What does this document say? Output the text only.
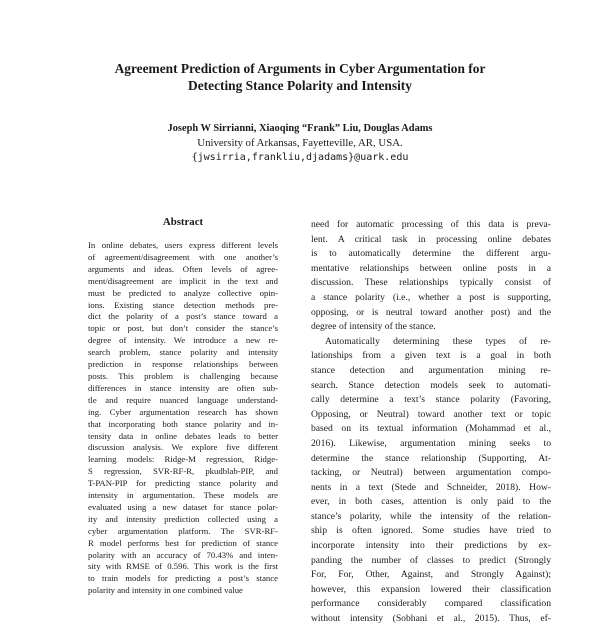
Agreement Prediction of Arguments in Cyber Argumentation for
Detecting Stance Polarity and Intensity
Joseph W Sirrianni, Xiaoqing “Frank” Liu, Douglas Adams
University of Arkansas, Fayetteville, AR, USA.
{jwsirria,frankliu,djadams}@uark.edu
Abstract
In online debates, users express different levels
of agreement/disagreement with one another’s
arguments and ideas. Often levels of agree-
ment/disagreement are implicit in the text and
must be predicted to analyze collective opin-
ions. Existing stance detection methods pre-
dict the polarity of a post’s stance toward a
topic or post, but don’t consider the stance’s
degree of intensity. We introduce a new re-
search problem, stance polarity and intensity
prediction in response relationships between
posts. This problem is challenging because
differences in stance intensity are often sub-
tle and require nuanced language understand-
ing. Cyber argumentation research has shown
that incorporating both stance polarity and in-
tensity data in online debates leads to better
discussion analysis. We explore five different
learning models: Ridge-M regression, Ridge-
S regression, SVR-RF-R, pkudblab-PIP, and
T-PAN-PIP for predicting stance polarity and
intensity in argumentation. These models are
evaluated using a new dataset for stance polar-
ity and intensity prediction collected using a
cyber argumentation platform. The SVR-RF-
R model performs best for prediction of stance
polarity with an accuracy of 70.43% and inten-
sity with RMSE of 0.596. This work is the first
to train models for predicting a post’s stance
polarity and intensity in one combined value
need for automatic processing of this data is preva-
lent. A critical task in processing online debates
is to automatically determine the different argu-
mentative relationships between online posts in a
discussion. These relationships typically consist of
a stance polarity (i.e., whether a post is supporting,
opposing, or is neutral toward another post) and the
degree of intensity of the stance.
Automatically determining these types of re-
lationships from a given text is a goal in both
stance detection and argumentation mining re-
search. Stance detection models seek to automati-
cally determine a text’s stance polarity (Favoring,
Opposing, or Neutral) toward another text or topic
based on its textual information (Mohammad et al.,
2016). Likewise, argumentation mining seeks to
determine the stance relationship (Supporting, At-
tacking, or Neutral) between argumentation compo-
nents in a text (Stede and Schneider, 2018). How-
ever, in both cases, attention is only paid to the
stance’s polarity, while the intensity of the relation-
ship is often ignored. Some studies have tried to
incorporate intensity into their predictions by ex-
panding the number of classes to predict (Strongly
For, For, Other, Against, and Strongly Against);
however, this expansion lowered their classification
performance considerably compared classification
without intensity (Sobhani et al., 2015). Thus, ef-
